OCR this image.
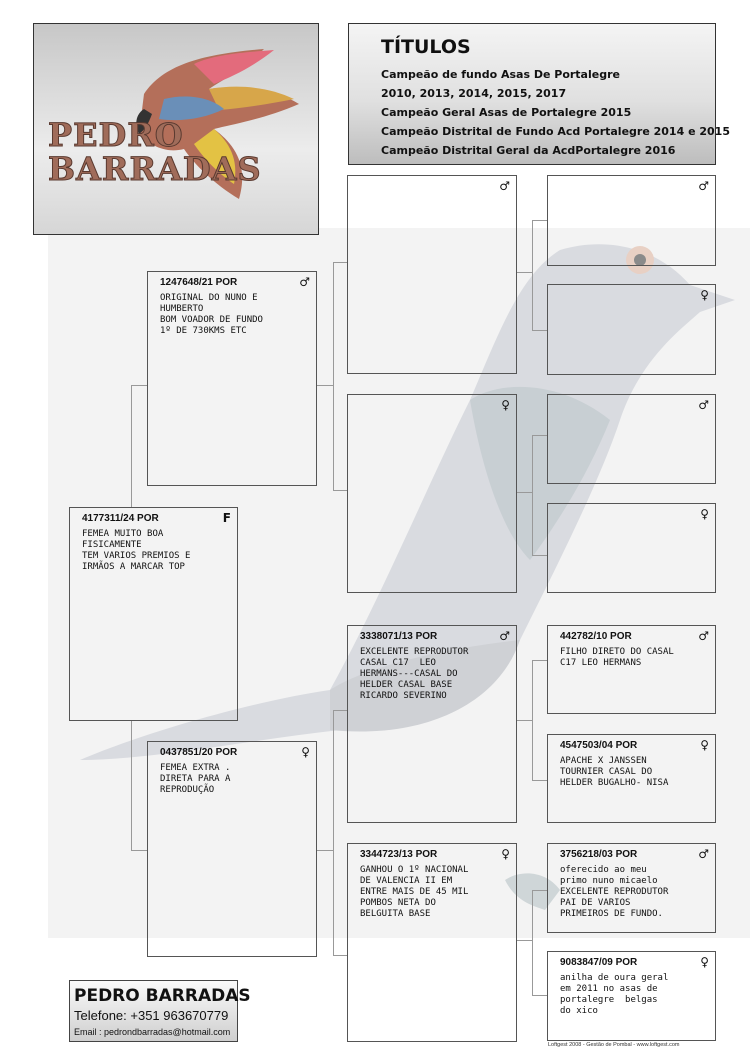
PEDRO
BARRADAS
TÍTULOS
Campeão de fundo Asas De Portalegre
2010, 2013, 2014, 2015, 2017
Campeão Geral Asas de Portalegre 2015
Campeão Distrital de Fundo Acd Portalegre 2014 e 2015
Campeão Distrital Geral da AcdPortalegre 2016
4177311/24 POR	F
FEMEA MUITO BOA
FISICAMENTE
TEM VARIOS PREMIOS E
IRMÃOS A MARCAR TOP
1247648/21 POR	♂
ORIGINAL DO NUNO E
HUMBERTO
BOM VOADOR DE FUNDO
1º DE 730KMS ETC
0437851/20 POR	♀
FEMEA EXTRA .
DIRETA PARA A
REPRODUÇÃO
♂
♀
3338071/13 POR	♂
EXCELENTE REPRODUTOR
CASAL C17  LEO
HERMANS---CASAL DO
HELDER CASAL BASE
RICARDO SEVERINO
3344723/13 POR	♀
GANHOU O 1º NACIONAL
DE VALENCIA II EM
ENTRE MAIS DE 45 MIL
POMBOS NETA DO
BELGUITA BASE
♂
♀
♂
♀
442782/10 POR	♂
FILHO DIRETO DO CASAL
C17 LEO HERMANS
4547503/04 POR	♀
APACHE X JANSSEN
TOURNIER CASAL DO
HELDER BUGALHO- NISA
3756218/03 POR	♂
oferecido ao meu
primo nuno micaelo
EXCELENTE REPRODUTOR
PAI DE VARIOS
PRIMEIROS DE FUNDO.
9083847/09 POR	♀
anilha de oura geral
em 2011 no asas de
portalegre  belgas
do xico
PEDRO BARRADAS
Telefone: +351 963670779
Email : pedrondbarradas@hotmail.com
Loftgest 2008 - Gestão de Pombal - www.loftgest.com
